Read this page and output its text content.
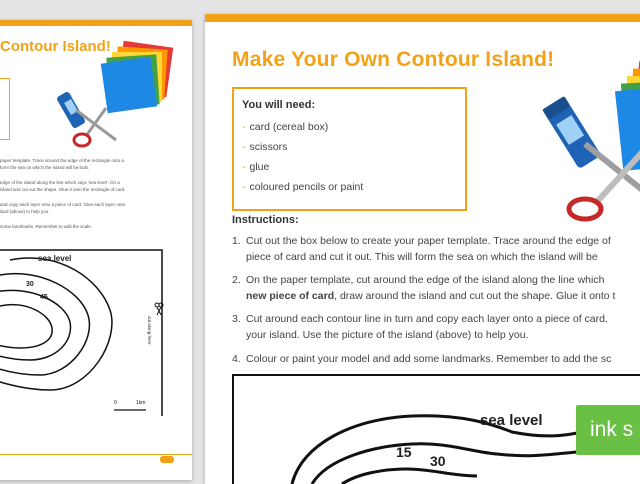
Contour Island!
paper template. Trace around the edge of the rectangle onto a
form the sea on which the island will be built.
edge of the island along the line which says 'sea level'. On a
island and cut out the shape. Glue it onto the rectangle of card.
and copy each layer onto a piece of card. Glue each layer onto
land (above) to help you.
some landmarks. Remember to add the scale.
sea level
30
45
0	1km
cut along here
Make Your Own Contour Island!
You will need:
- card (cereal box)
- scissors
- glue
- coloured pencils or paint
Instructions:
1. Cut out the box below to create your paper template. Trace around the edge of
piece of card and cut it out. This will form the sea on which the island will be
2. On the paper template, cut around the edge of the island along the line which
new piece of card, draw around the island and cut out the shape. Glue it onto t
3. Cut around each contour line in turn and copy each layer onto a piece of card.
your island. Use the picture of the island (above) to help you.
4. Colour or paint your model and add some landmarks. Remember to add the sc
sea level
15
30
ink s
